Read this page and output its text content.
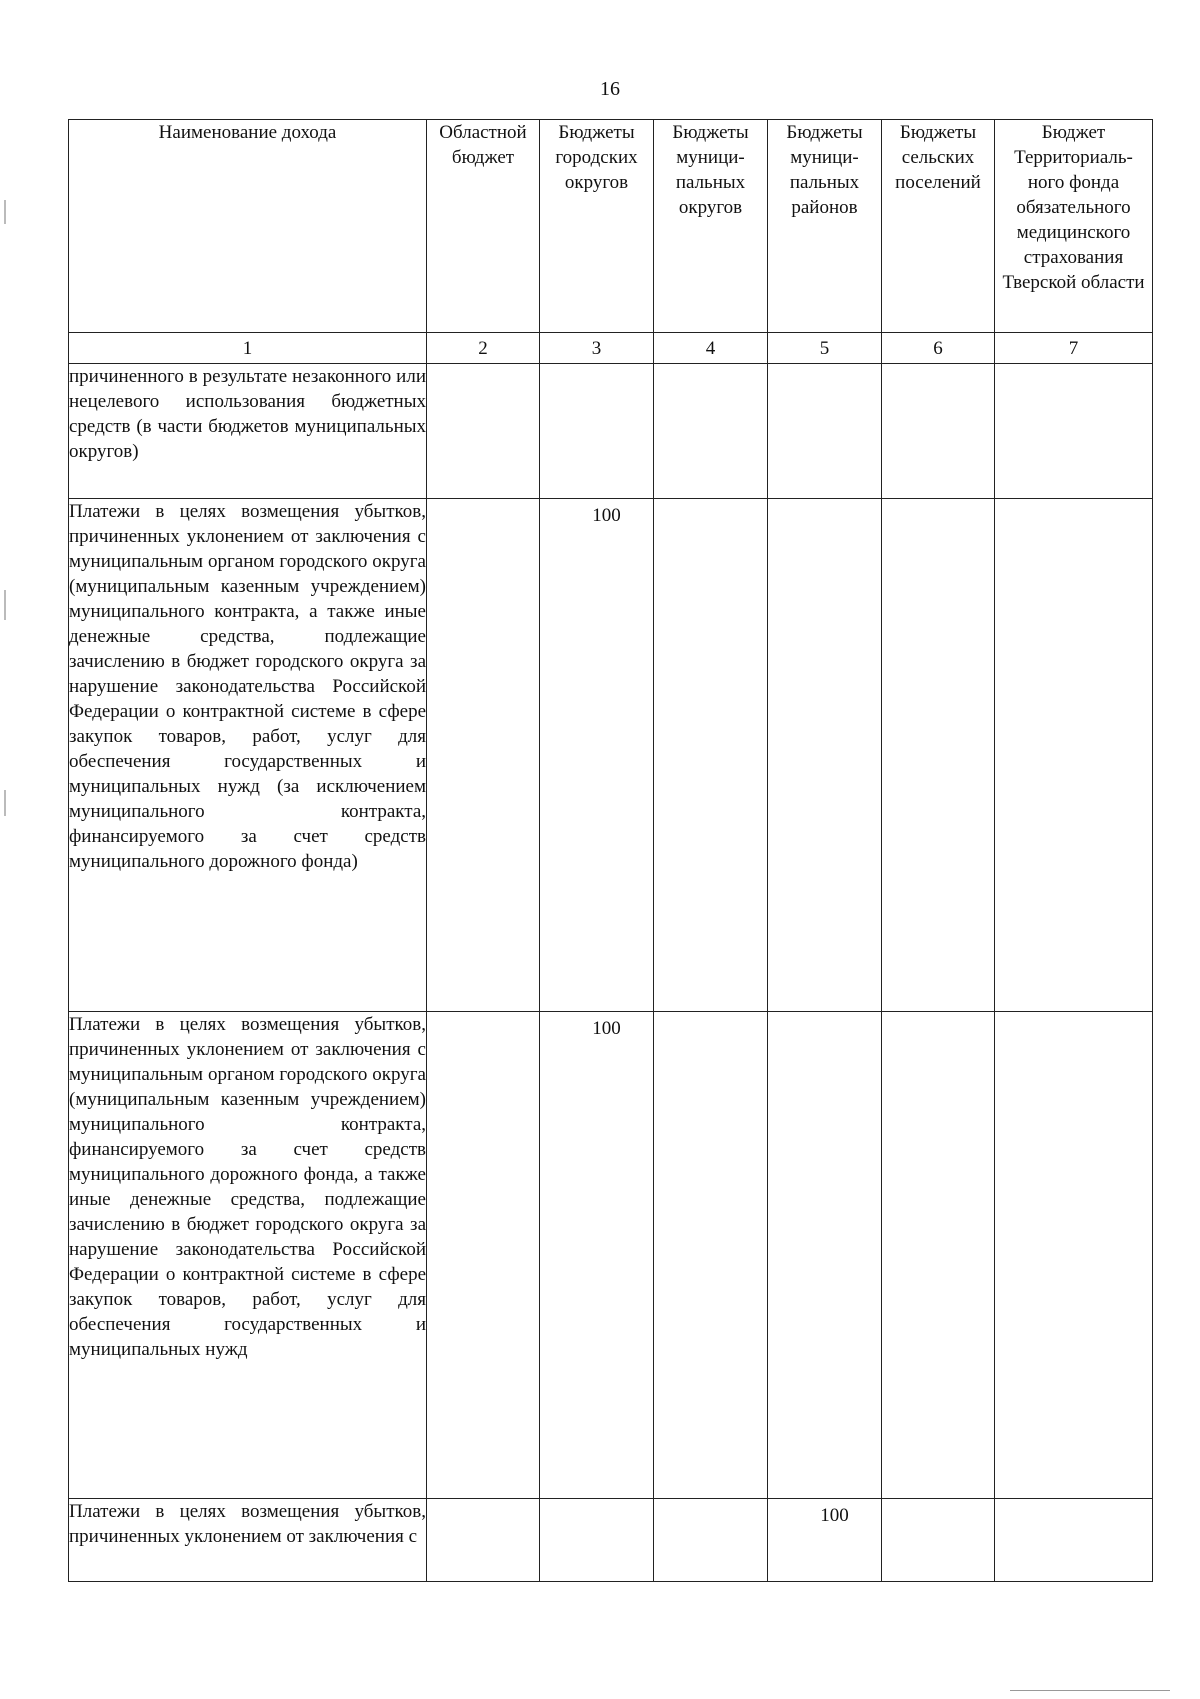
16
Наименование дохода	Областной бюджет	Бюджеты городских округов	Бюджеты муници-пальных округов	Бюджеты муници-пальных районов	Бюджеты сельских поселений	Бюджет Территориаль-ного фонда обязательного медицинского страхования Тверской области

1	2	3	4	5	6	7
причиненного в результате незаконного или нецелевого использования бюджетных средств (в части бюджетов муниципальных округов)	

Платежи в целях возмещения убытков, причиненных уклонением от заключения с муниципальным органом городского округа (муниципальным казенным учреждением) муниципального контракта, а также иные денежные средства, подлежащие зачислению в бюджет городского округа за нарушение законодательства Российской Федерации о контрактной системе в сфере закупок товаров, работ, услуг для обеспечения государственных и муниципальных нужд (за исключением муниципального контракта, финансируемого за счет средств муниципального дорожного фонда)		100				

Платежи в целях возмещения убытков, причиненных уклонением от заключения с муниципальным органом городского округа (муниципальным казенным учреждением) муниципального контракта, финансируемого за счет средств муниципального дорожного фонда, а также иные денежные средства, подлежащие зачислению в бюджет городского округа за нарушение законодательства Российской Федерации о контрактной системе в сфере закупок товаров, работ, услуг для обеспечения государственных и муниципальных нужд		100				

Платежи в целях возмещения убытков, причиненных уклонением от заключения с				100		
